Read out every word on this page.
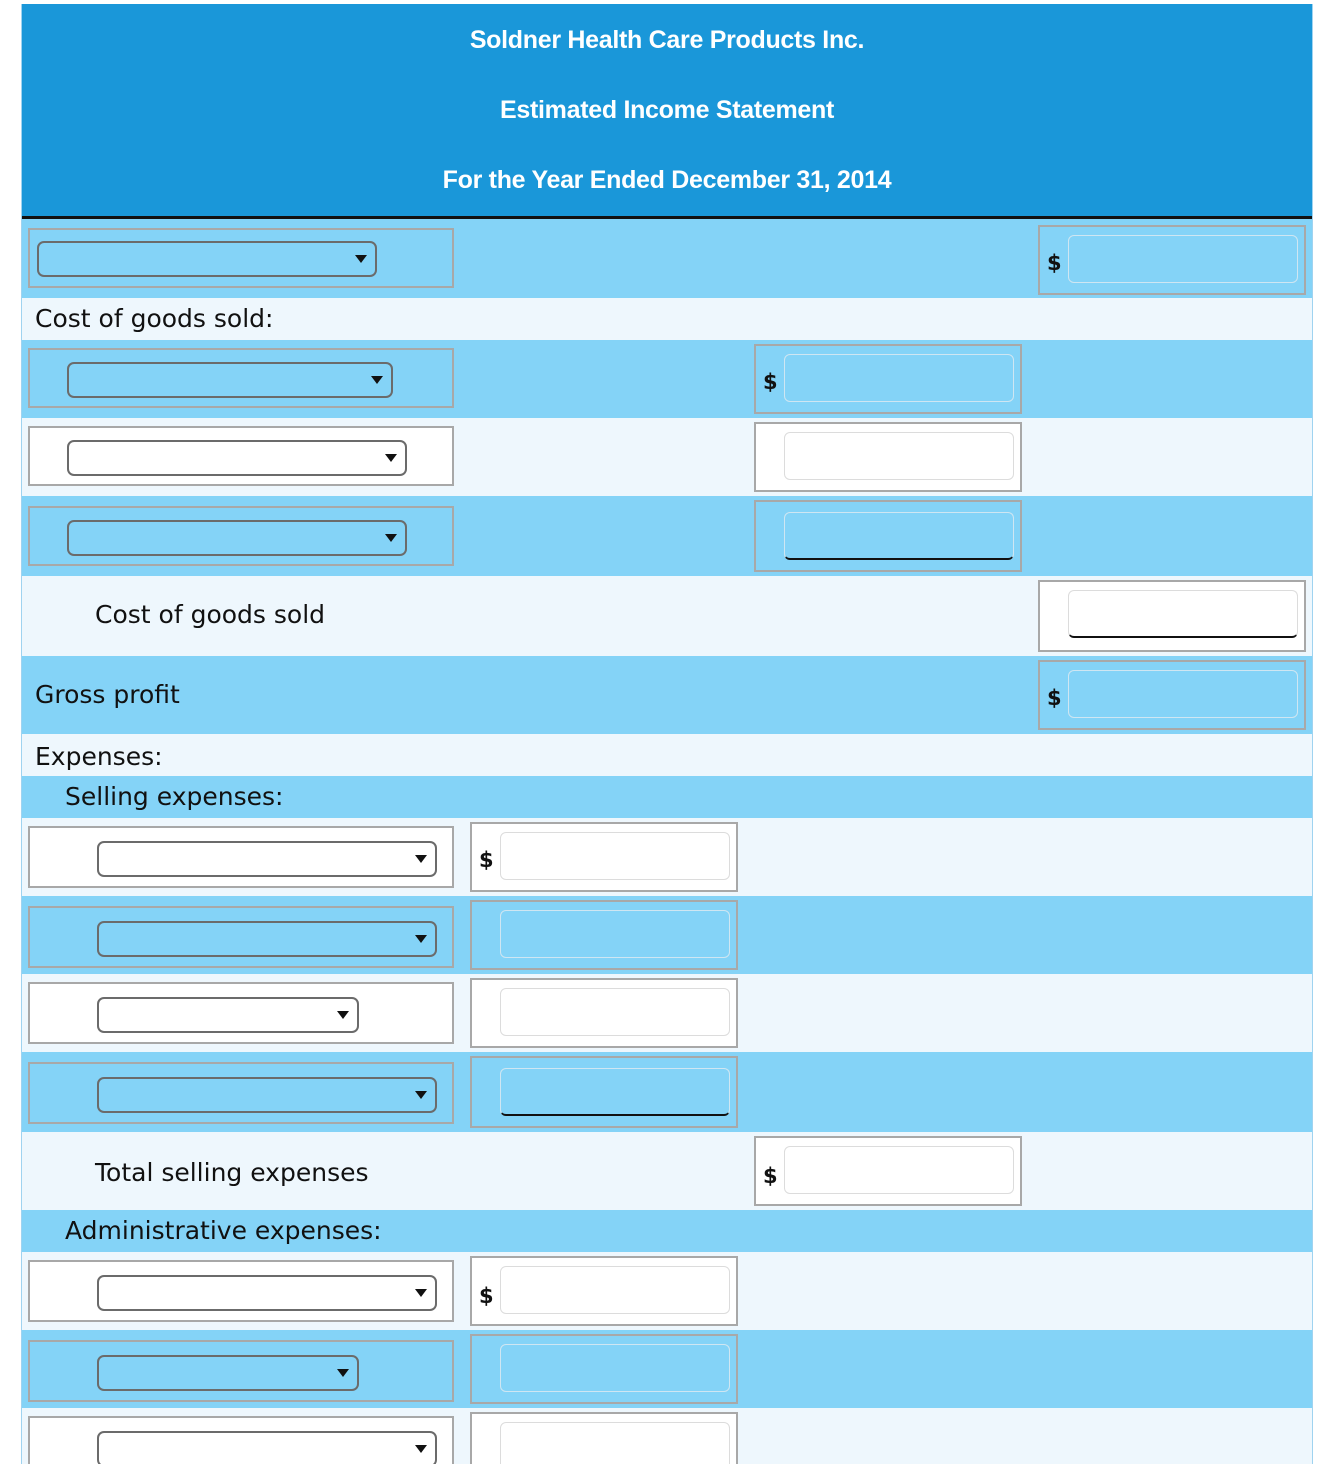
Soldner Health Care Products Inc.
Estimated Income Statement
For the Year Ended December 31, 2014
$
Cost of goods sold:
$
Cost of goods sold
Gross profit	$
Expenses:
Selling expenses:
$
Total selling expenses	$
Administrative expenses:
$
